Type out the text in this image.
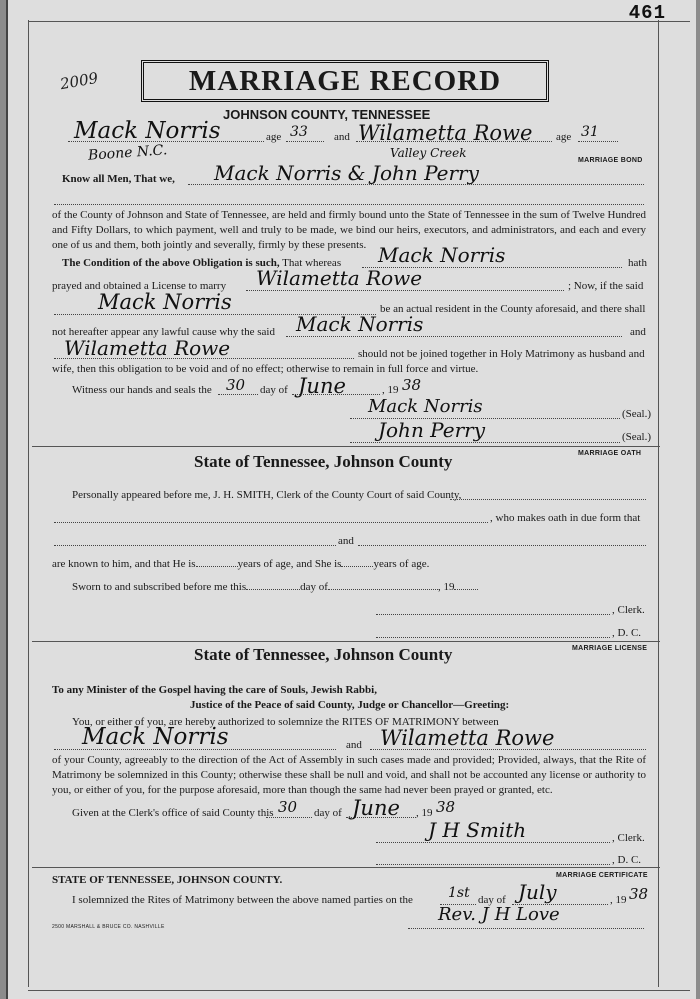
461
2009	MARRIAGE RECORD
JOHNSON COUNTY, TENNESSEE
Mack Norris	age 33 and Wilametta Rowe age 31
Boone N.C.	Valley Creek
MARRIAGE BOND
Know all Men, That we, Mack Norris & John Perry
of the County of Johnson and State of Tennessee, are held and firmly bound unto the State of Tennessee in the sum of Twelve Hundred and Fifty Dollars, to which payment, well and truly to be made, we bind our heirs, executors, and administrators, and each and every one of us and them, both jointly and severally, firmly by these presents.
The Condition of the above Obligation is such, That whereas Mack Norris	hath
prayed and obtained a License to marry Wilametta Rowe	; Now, if the said
Mack Norris	be an actual resident in the County aforesaid, and there shall
not hereafter appear any lawful cause why the said Mack Norris	and
Wilametta Rowe	should not be joined together in Holy Matrimony as husband and
wife, then this obligation to be void and of no effect; otherwise to remain in full force and virtue.
Witness our hands and seals the 30 day of June	, 19 38
Mack Norris	(Seal.)
John Perry	(Seal.)
MARRIAGE OATH
State of Tennessee, Johnson County
Personally appeared before me, J. H. SMITH, Clerk of the County Court of said County,
, who makes oath in due form that
and
are known to him, and that He is	years of age, and She is	years of age.
Sworn to and subscribed before me this	day of	, 19
, Clerk.
, D. C.
MARRIAGE LICENSE
State of Tennessee, Johnson County
To any Minister of the Gospel having the care of Souls, Jewish Rabbi,
Justice of the Peace of said County, Judge or Chancellor—Greeting:
You, or either of you, are hereby authorized to solemnize the RITES OF MATRIMONY between
Mack Norris	and Wilametta Rowe
of your County, agreeably to the direction of the Act of Assembly in such cases made and provided; Provided, always, that the Rite of Matrimony be solemnized in this County; otherwise these shall be null and void, and shall not be accounted any license or authority to you, or either of you, for the purpose aforesaid, more than though the same had never been prayed or granted, etc.
Given at the Clerk's office of said County this 30 day of June , 19 38
J H Smith	, Clerk.
, D. C.
MARRIAGE CERTIFICATE
STATE OF TENNESSEE, JOHNSON COUNTY.
I solemnized the Rites of Matrimony between the above named parties on the	1st day of July	, 19 38
Rev. J H Love
2500 MARSHALL & BRUCE CO. NASHVILLE
